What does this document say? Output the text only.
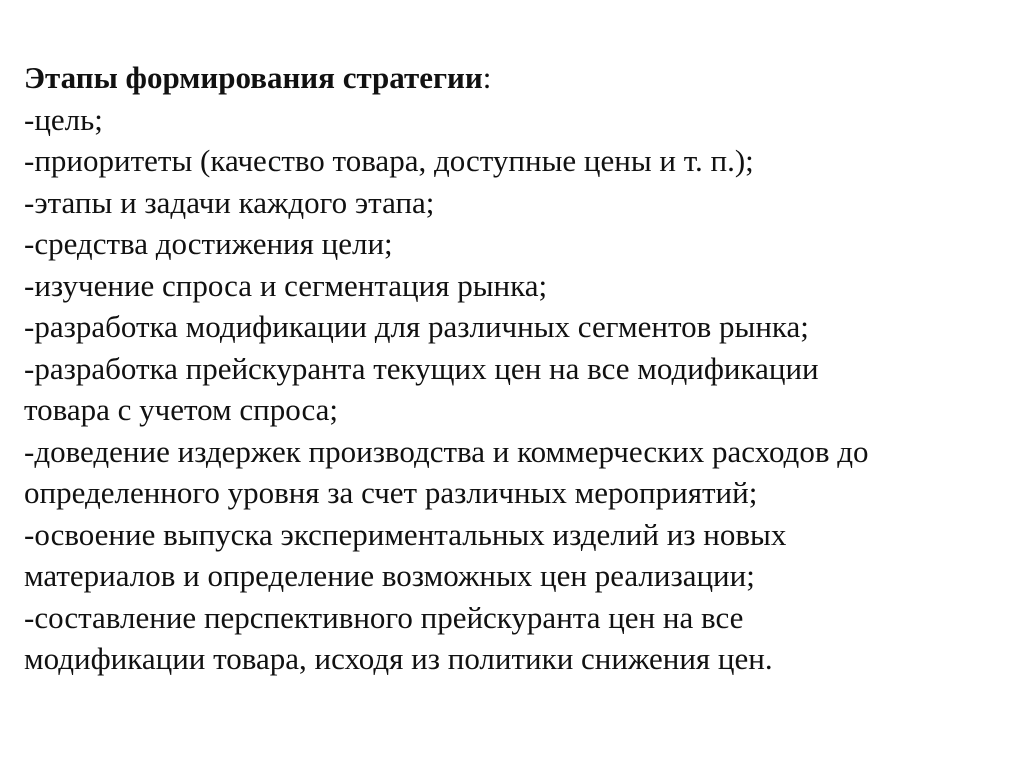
Этапы формирования стратегии:
-цель;
-приоритеты (качество товара, доступные цены и т. п.);
-этапы и задачи каждого этапа;
-средства достижения цели;
-изучение спроса и сегментация рынка;
-разработка модификации для различных сегментов рынка;
-разработка прейскуранта текущих цен на все модификации
товара с учетом спроса;
-доведение издержек производства и коммерческих расходов до
определенного уровня за счет различных мероприятий;
-освоение выпуска экспериментальных изделий из новых
материалов и определение возможных цен реализации;
-составление перспективного прейскуранта цен на все
модификации товара, исходя из политики снижения цен.
